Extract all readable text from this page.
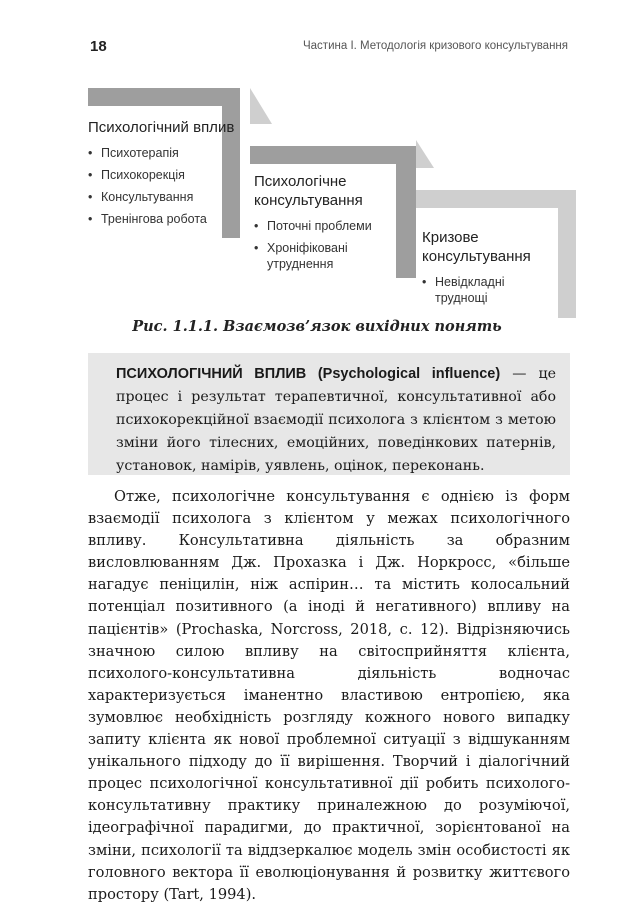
18	Частина І. Методологія кризового консультування

Психологічний вплив

• Психотерапія
• Психокорекція
• Консультування
• Тренінгова робота

Психологічне консультування

• Поточні проблеми
• Хронiфiковані утруднення

Кризове консультування

• Невідкладні труднощі
Рис. 1.1.1. Взаємозв’язок вихідних понять
ПСИХОЛОГІЧНИЙ ВПЛИВ (Psychological influence) — це процес і результат терапевтичної, консультативної або психокорекційної взаємодії психолога з клієнтом з метою зміни його тілесних, емоційних, поведінкових патернів, установок, намірів, уявлень, оцінок, переконань.

Отже, психологічне консультування є однією із форм взаємодії психолога з клієнтом у межах психологічного впливу. Консультативна діяльність за образним висловлюванням Дж. Прохазка і Дж. Норкросс, «більше нагадує пеніцилін, ніж аспірин… та містить колосальний потенціал позитивного (а іноді й негативного) впливу на пацієнтів» (Prochaska, Norcross, 2018, с. 12). Відрізняючись значною силою впливу на світосприйняття клієнта, психолого-консультативна діяльність водночас характеризується іманентно властивою ентропією, яка зумовлює необхідність розгляду кожного нового випадку запиту клієнта як нової проблемної ситуації з відшуканням унікального підходу до її вирішення. Творчий і діалогічний процес психологічної консультативної дії робить психолого-консультативну практику приналежною до розуміючої, ідеографічної парадигми, до практичної, зорієнтованої на зміни, психології та віддзеркалює модель змін особистості як головного вектора її еволюціонування й розвитку життєвого простору (Tart, 1994).
